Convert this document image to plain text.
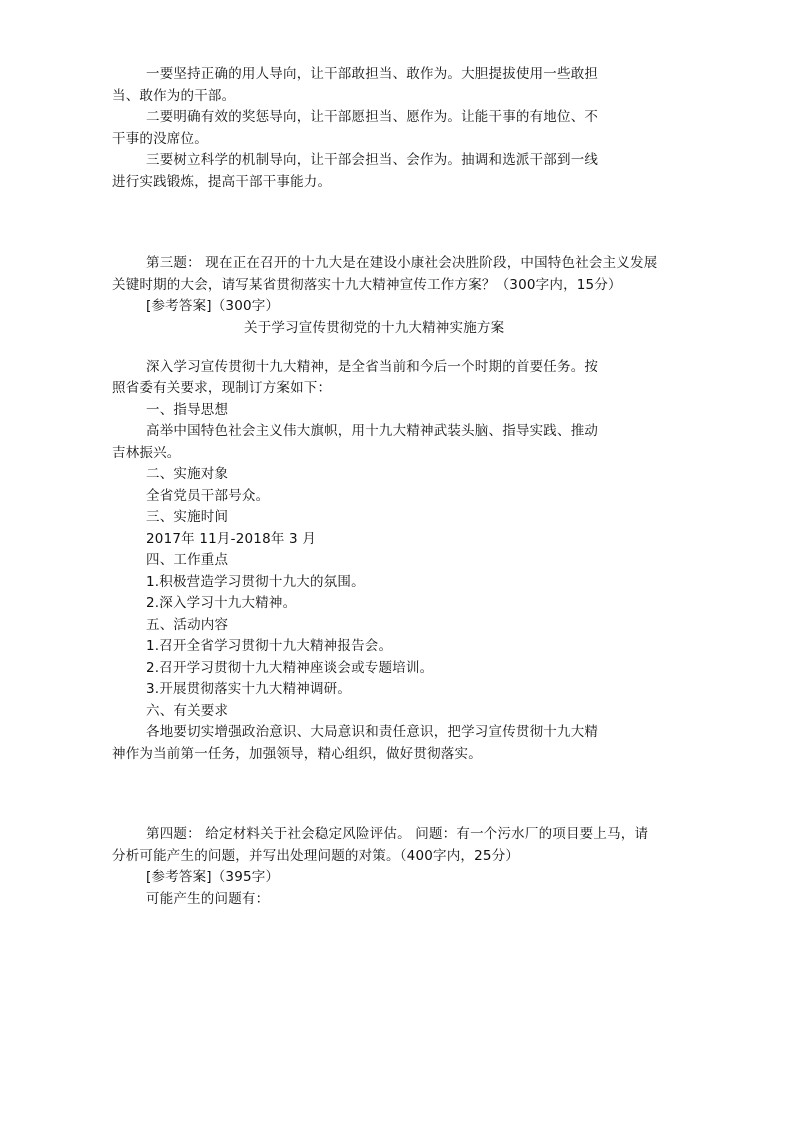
一要坚持正确的用人导向，让干部敢担当、敢作为。大胆提拔使用一些敢担
当、敢作为的干部。
二要明确有效的奖惩导向，让干部愿担当、愿作为。让能干事的有地位、不
干事的没席位。
三要树立科学的机制导向，让干部会担当、会作为。抽调和选派干部到一线
进行实践锻炼，提高干部干事能力。
第三题： 现在正在召开的十九大是在建设小康社会决胜阶段，中国特色社会主义发展
关键时期的大会，请写某省贯彻落实十九大精神宣传工作方案？（300字内，15分）
[参考答案]（300字）
关于学习宣传贯彻党的十九大精神实施方案
深入学习宣传贯彻十九大精神，是全省当前和今后一个时期的首要任务。按
照省委有关要求，现制订方案如下：
一、指导思想
高举中国特色社会主义伟大旗帜，用十九大精神武装头脑、指导实践、推动
吉林振兴。
二、实施对象
全省党员干部号众。
三、实施时间
2017年 11月-2018年 3 月
四、工作重点
1.积极营造学习贯彻十九大的氛围。
2.深入学习十九大精神。
五、活动内容
1.召开全省学习贯彻十九大精神报告会。
2.召开学习贯彻十九大精神座谈会或专题培训。
3.开展贯彻落实十九大精神调研。
六、有关要求
各地要切实增强政治意识、大局意识和责任意识，把学习宣传贯彻十九大精
神作为当前第一任务，加强领导，精心组织，做好贯彻落实。
第四题： 给定材料关于社会稳定风险评估。 问题：有一个污水厂的项目要上马，请
分析可能产生的问题，并写出处理问题的对策。（400字内，25分）
[参考答案]（395字）
可能产生的问题有：
